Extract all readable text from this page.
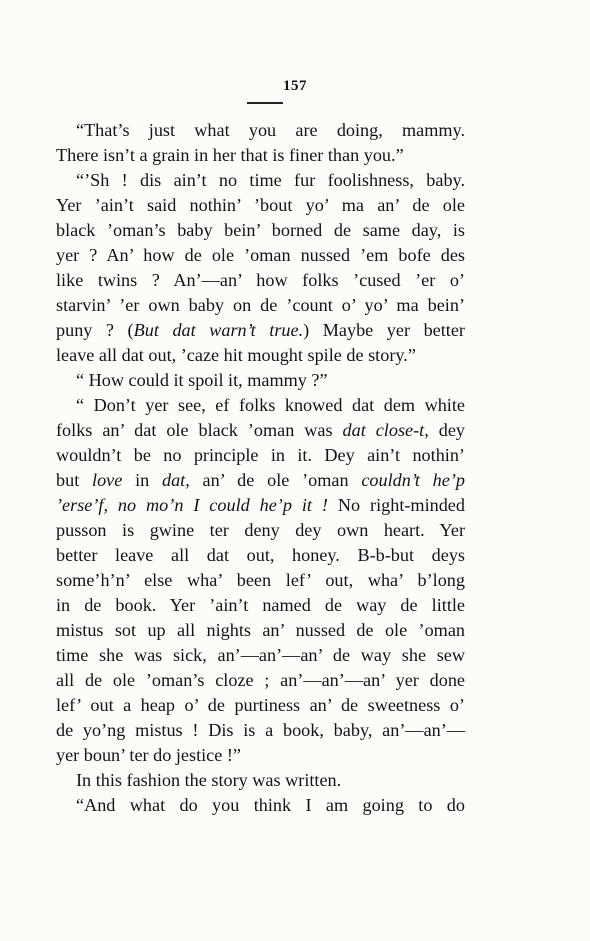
157
“That’s just what you are doing, mammy.
There isn’t a grain in her that is finer than you.”
“’Sh ! dis ain’t no time fur foolishness, baby.
Yer ’ain’t said nothin’ ’bout yo’ ma an’ de ole
black ’oman’s baby bein’ borned de same day, is
yer ? An’ how de ole ’oman nussed ’em bofe des
like twins ? An’—an’ how folks ’cused ’er o’
starvin’ ’er own baby on de ’count o’ yo’ ma bein’
puny ? (But dat warn’t true.) Maybe yer better
leave all dat out, ’caze hit mought spile de story.”
“ How could it spoil it, mammy ?”
“ Don’t yer see, ef folks knowed dat dem white
folks an’ dat ole black ’oman was dat close-t, dey
wouldn’t be no principle in it. Dey ain’t nothin’
but love in dat, an’ de ole ’oman couldn’t he’p
’erse’f, no mo’n I could he’p it ! No right-minded
pusson is gwine ter deny dey own heart. Yer
better leave all dat out, honey. B-b-but deys
some’h’n’ else wha’ been lef’ out, wha’ b’long
in de book. Yer ’ain’t named de way de little
mistus sot up all nights an’ nussed de ole ’oman
time she was sick, an’—an’—an’ de way she sew
all de ole ’oman’s cloze ; an’—an’—an’ yer done
lef’ out a heap o’ de purtiness an’ de sweetness o’
de yo’ng mistus ! Dis is a book, baby, an’—an’—
yer boun’ ter do jestice !”
In this fashion the story was written.
“And what do you think I am going to do
